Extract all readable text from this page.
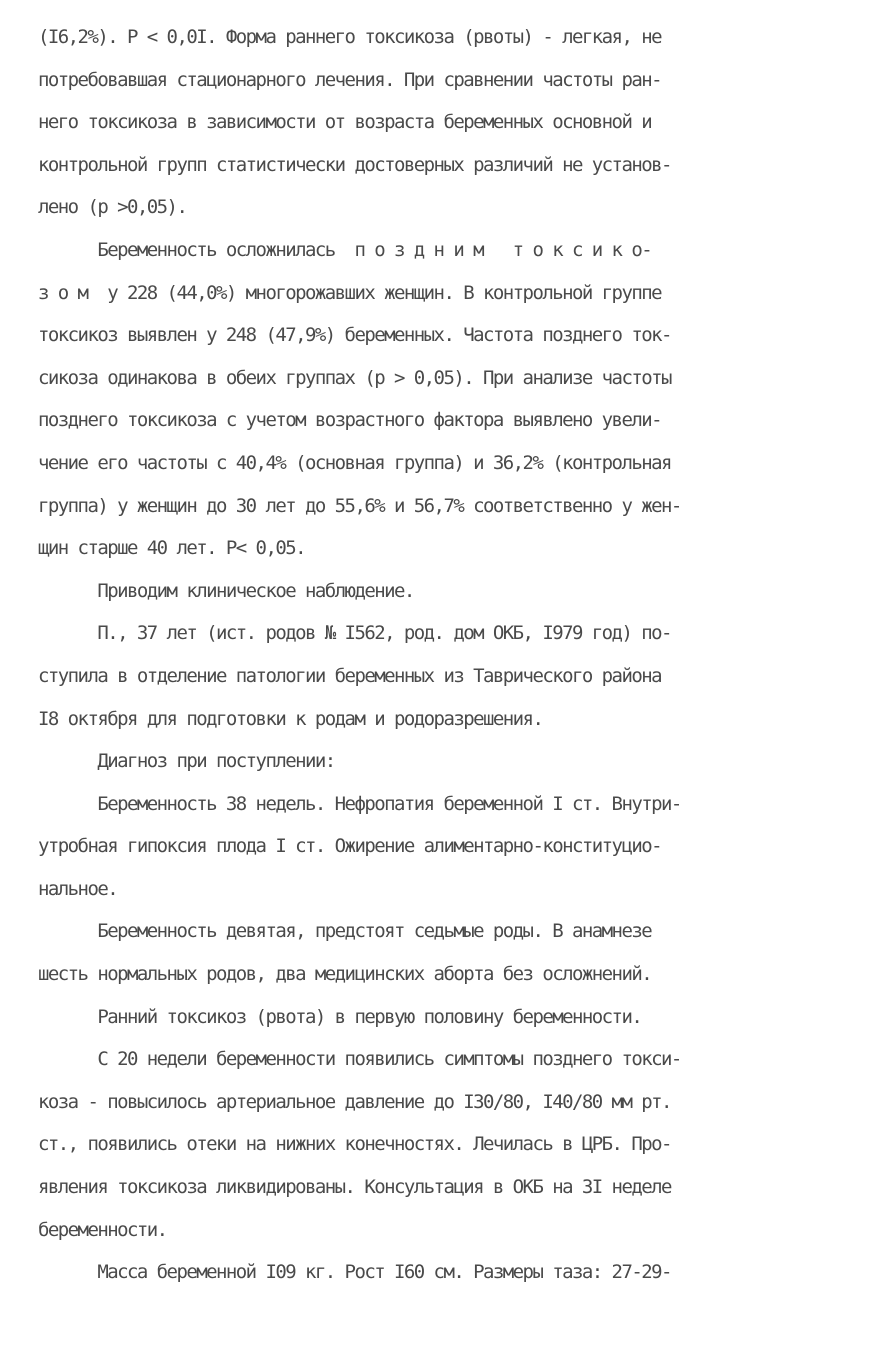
(I6,2%). Р < 0,0I. Форма раннего токсикоза (рвоты) - легкая, не
потребовавшая стационарного лечения. При сравнении частоты ран-
него токсикоза в зависимости от возраста беременных основной и
контрольной групп статистически достоверных различий не установ-
лено (р >0,05).
Беременность осложнилась  п о з д н и м   т о к с и к о-
з о м  у 228 (44,0%) многорожавших женщин. В контрольной группе
токсикоз выявлен у 248 (47,9%) беременных. Частота позднего ток-
сикоза одинакова в обеих группах (р > 0,05). При анализе частоты
позднего токсикоза с учетом возрастного фактора выявлено увели-
чение его частоты с 40,4% (основная группа) и 36,2% (контрольная
группа) у женщин до 30 лет до 55,6% и 56,7% соответственно у жен-
щин старше 40 лет. Р< 0,05.
Приводим клиническое наблюдение.
П., 37 лет (ист. родов № I562, род. дом ОКБ, I979 год) по-
ступила в отделение патологии беременных из Таврического района
I8 октября для подготовки к родам и родоразрешения.
Диагноз при поступлении:
Беременность 38 недель. Нефропатия беременной I ст. Внутри-
утробная гипоксия плода I ст. Ожирение алиментарно-конституцио-
нальное.
Беременность девятая, предстоят седьмые роды. В анамнезе
шесть нормальных родов, два медицинских аборта без осложнений.
Ранний токсикоз (рвота) в первую половину беременности.
С 20 недели беременности появились симптомы позднего токси-
коза - повысилось артериальное давление до I30/80, I40/80 мм рт.
ст., появились отеки на нижних конечностях. Лечилась в ЦРБ. Про-
явления токсикоза ликвидированы. Консультация в ОКБ на 3I неделе
беременности.
Масса беременной I09 кг. Рост I60 см. Размеры таза: 27-29-
